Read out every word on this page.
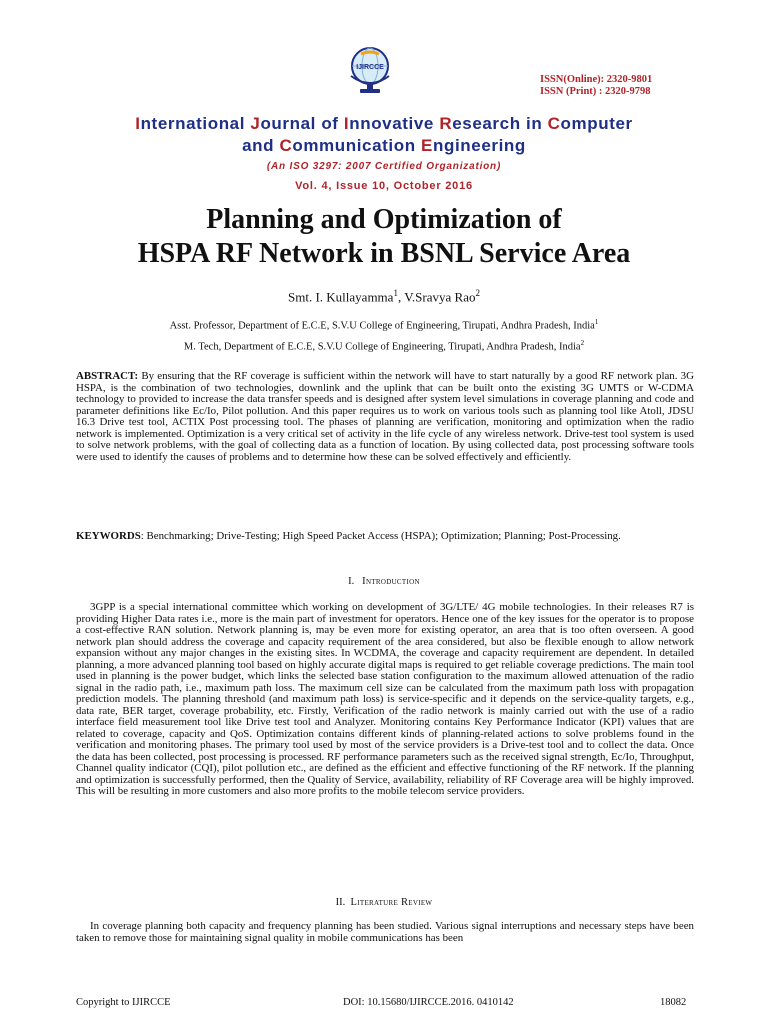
IJIRCCE
ISSN(Online): 2320-9801
ISSN (Print) : 2320-9798
International Journal of Innovative Research in Computer
and Communication Engineering
(An ISO 3297: 2007 Certified Organization)
Vol. 4, Issue 10, October 2016
Planning and Optimization of
HSPA RF Network in BSNL Service Area
Smt. I. Kullayamma$^1$, V.Sravya Rao$^2$
Asst. Professor, Department of E.C.E, S.V.U College of Engineering, Tirupati, Andhra Pradesh, India$^1$
M. Tech, Department of E.C.E, S.V.U College of Engineering, Tirupati, Andhra Pradesh, India$^2$
ABSTRACT: By ensuring that the RF coverage is sufficient within the network will have to start naturally by a good RF network plan. 3G HSPA, is the combination of two technologies, downlink and the uplink that can be built onto the existing 3G UMTS or W-CDMA technology to provided to increase the data transfer speeds and is designed after system level simulations in coverage planning and code and parameter definitions like Ec/Io, Pilot pollution. And this paper requires us to work on various tools such as planning tool like Atoll, JDSU 16.3 Drive test tool, ACTIX Post processing tool. The phases of planning are verification, monitoring and optimization when the radio network is implemented. Optimization is a very critical set of activity in the life cycle of any wireless network. Drive-test tool system is used to solve network problems, with the goal of collecting data as a function of location. By using collected data, post processing software tools were used to identify the causes of problems and to determine how these can be solved effectively and efficiently.
KEYWORDS: Benchmarking; Drive-Testing; High Speed Packet Access (HSPA); Optimization; Planning; Post-Processing.
I. Introduction
3GPP is a special international committee which working on development of 3G/LTE/ 4G mobile technologies. In their releases R7 is providing Higher Data rates i.e., more is the main part of investment for operators. Hence one of the key issues for the operator is to propose a cost-effective RAN solution. Network planning is, may be even more for existing operator, an area that is too often overseen. A good network plan should address the coverage and capacity requirement of the area considered, but also be flexible enough to allow network expansion without any major changes in the existing sites. In WCDMA, the coverage and capacity requirement are dependent. In detailed planning, a more advanced planning tool based on highly accurate digital maps is required to get reliable coverage predictions. The main tool used in planning is the power budget, which links the selected base station configuration to the maximum allowed attenuation of the radio signal in the radio path, i.e., maximum path loss. The maximum cell size can be calculated from the maximum path loss with propagation prediction models. The planning threshold (and maximum path loss) is service-specific and it depends on the service-quality targets, e.g., data rate, BER target, coverage probability, etc. Firstly, Verification of the radio network is mainly carried out with the use of a radio interface field measurement tool like Drive test tool and Analyzer. Monitoring contains Key Performance Indicator (KPI) values that are related to coverage, capacity and QoS. Optimization contains different kinds of planning-related actions to solve problems found in the verification and monitoring phases. The primary tool used by most of the service providers is a Drive-test tool and to collect the data. Once the data has been collected, post processing is processed. RF performance parameters such as the received signal strength, Ec/Io, Throughput, Channel quality indicator (CQI), pilot pollution etc., are defined as the efficient and effective functioning of the RF network. If the planning and optimization is successfully performed, then the Quality of Service, availability, reliability of RF Coverage area will be highly improved. This will be resulting in more customers and also more profits to the mobile telecom service providers.
II. Literature Review
In coverage planning both capacity and frequency planning has been studied. Various signal interruptions and necessary steps have been taken to remove those for maintaining signal quality in mobile communications has been
Copyright to IJIRCCE	DOI: 10.15680/IJIRCCE.2016. 0410142	18082
